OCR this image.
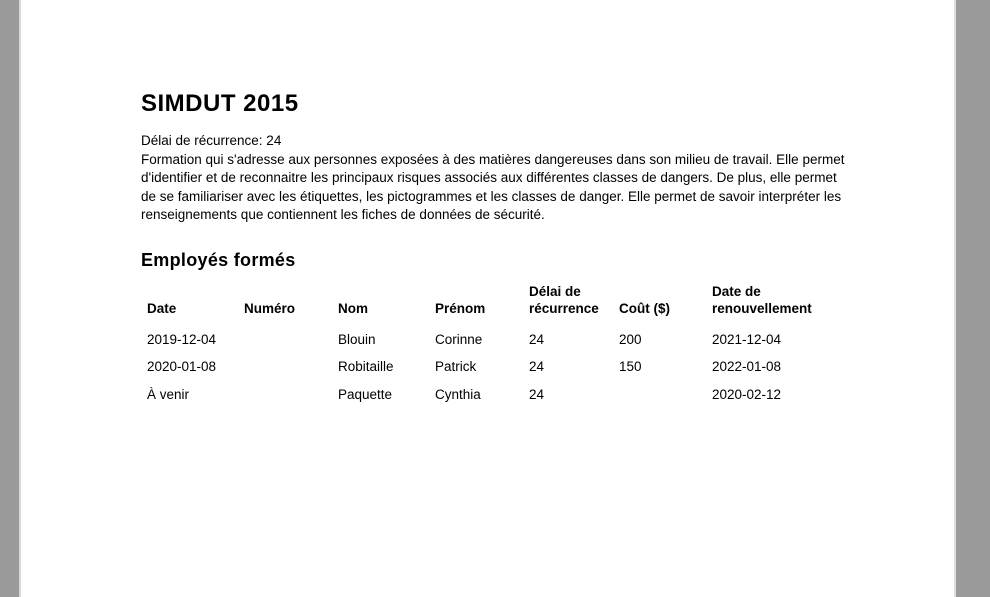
SIMDUT 2015

Délai de récurrence: 24

Formation qui s'adresse aux personnes exposées à des matières dangereuses dans son milieu de travail. Elle permet d'identifier et de reconnaitre les principaux risques associés aux différentes classes de dangers. De plus, elle permet de se familiariser avec les étiquettes, les pictogrammes et les classes de danger. Elle permet de savoir interpréter les renseignements que contiennent les fiches de données de sécurité.

Employés formés
Date	Numéro	Nom	Prénom	Délai de récurrence	Coût ($)	Date de renouvellement
2019-12-04		Blouin	Corinne	24	200	2021-12-04
2020-01-08		Robitaille	Patrick	24	150	2022-01-08
À venir		Paquette	Cynthia	24		2020-02-12
